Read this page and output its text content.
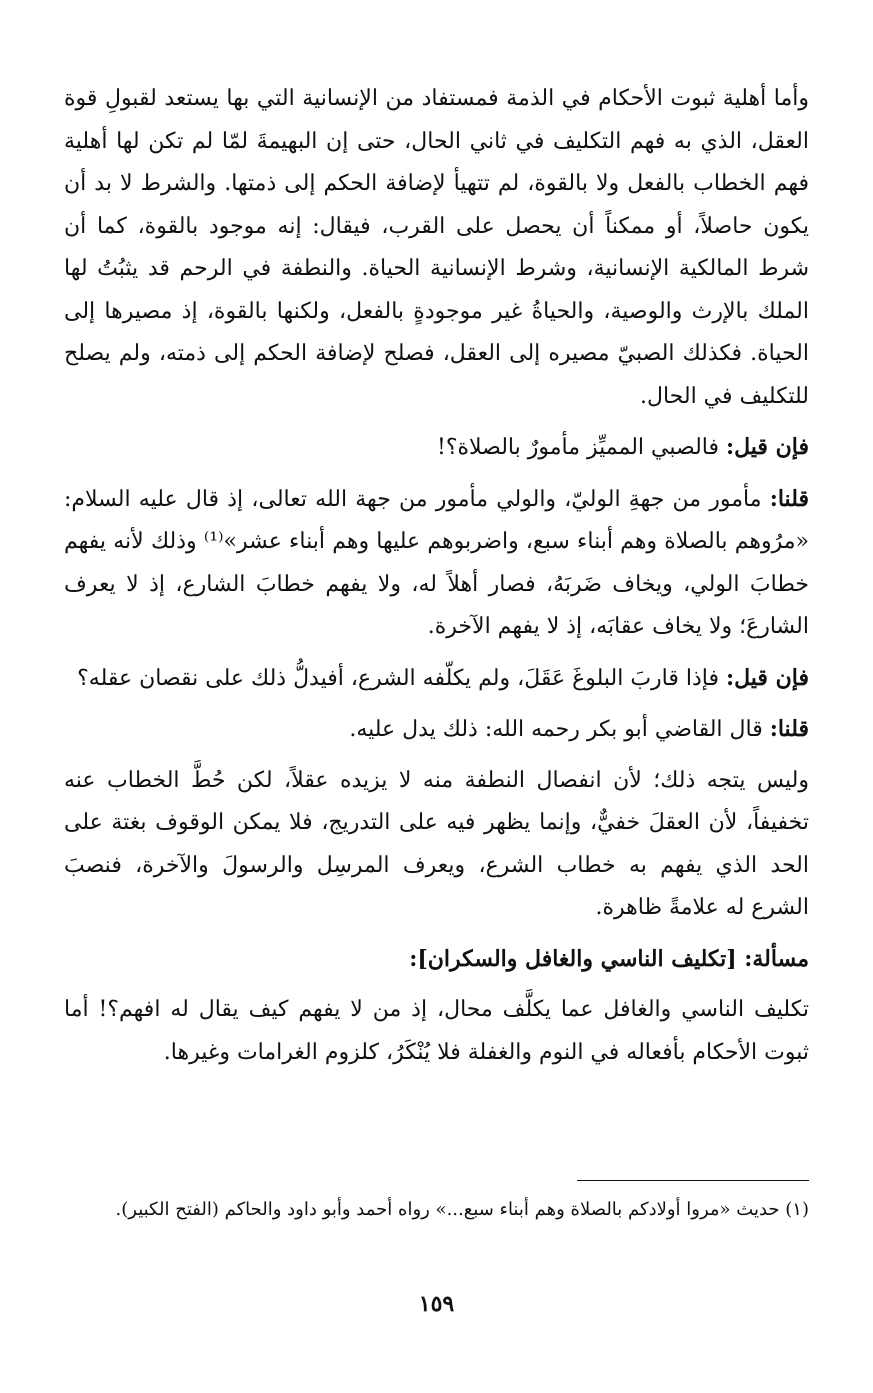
وأما أهلية ثبوت الأحكام في الذمة فمستفاد من الإنسانية التي بها يستعد لقبولِ قوة العقل، الذي به فهم التكليف في ثاني الحال، حتى إن البهيمةَ لمّا لم تكن لها أهلية فهم الخطاب بالفعل ولا بالقوة، لم تتهيأ لإضافة الحكم إلى ذمتها. والشرط لا بد أن يكون حاصلاً، أو ممكناً أن يحصل على القرب، فيقال: إنه موجود بالقوة، كما أن شرط المالكية الإنسانية، وشرط الإنسانية الحياة. والنطفة في الرحم قد يثبُتُ لها الملك بالإرث والوصية، والحياةُ غير موجودةٍ بالفعل، ولكنها بالقوة، إذ مصيرها إلى الحياة. فكذلك الصبيّ مصيره إلى العقل، فصلح لإضافة الحكم إلى ذمته، ولم يصلح للتكليف في الحال.

فإن قيل: فالصبي المميِّز مأمورٌ بالصلاة؟!

قلنا: مأمور من جهةِ الوليّ، والولي مأمور من جهة الله تعالى، إذ قال عليه السلام: «مرُوهم بالصلاة وهم أبناء سبع، واضربوهم عليها وهم أبناء عشر»⁽¹⁾ وذلك لأنه يفهم خطابَ الولي، ويخاف ضَربَهُ، فصار أهلاً له، ولا يفهم خطابَ الشارع، إذ لا يعرف الشارعَ؛ ولا يخاف عقابَه، إذ لا يفهم الآخرة.

فإن قيل: فإذا قاربَ البلوغَ عَقَلَ، ولم يكلّفه الشرع، أفيدلُّ ذلك على نقصان عقله؟

قلنا: قال القاضي أبو بكر رحمه الله: ذلك يدل عليه.

وليس يتجه ذلك؛ لأن انفصال النطفة منه لا يزيده عقلاً، لكن حُطَّ الخطاب عنه تخفيفاً، لأن العقلَ خفيٌّ، وإنما يظهر فيه على التدريج، فلا يمكن الوقوف بغتة على الحد الذي يفهم به خطاب الشرع، ويعرف المرسِل والرسولَ والآخرة، فنصبَ الشرع له علامةً ظاهرة.

مسألة: [تكليف الناسي والغافل والسكران]:

تكليف الناسي والغافل عما يكلَّف محال، إذ من لا يفهم كيف يقال له افهم؟! أما ثبوت الأحكام بأفعاله في النوم والغفلة فلا يُنْكَرُ، كلزوم الغرامات وغيرها.

(١) حديث «مروا أولادكم بالصلاة وهم أبناء سبع...» رواه أحمد وأبو داود والحاكم (الفتح الكبير).

١٥٩
